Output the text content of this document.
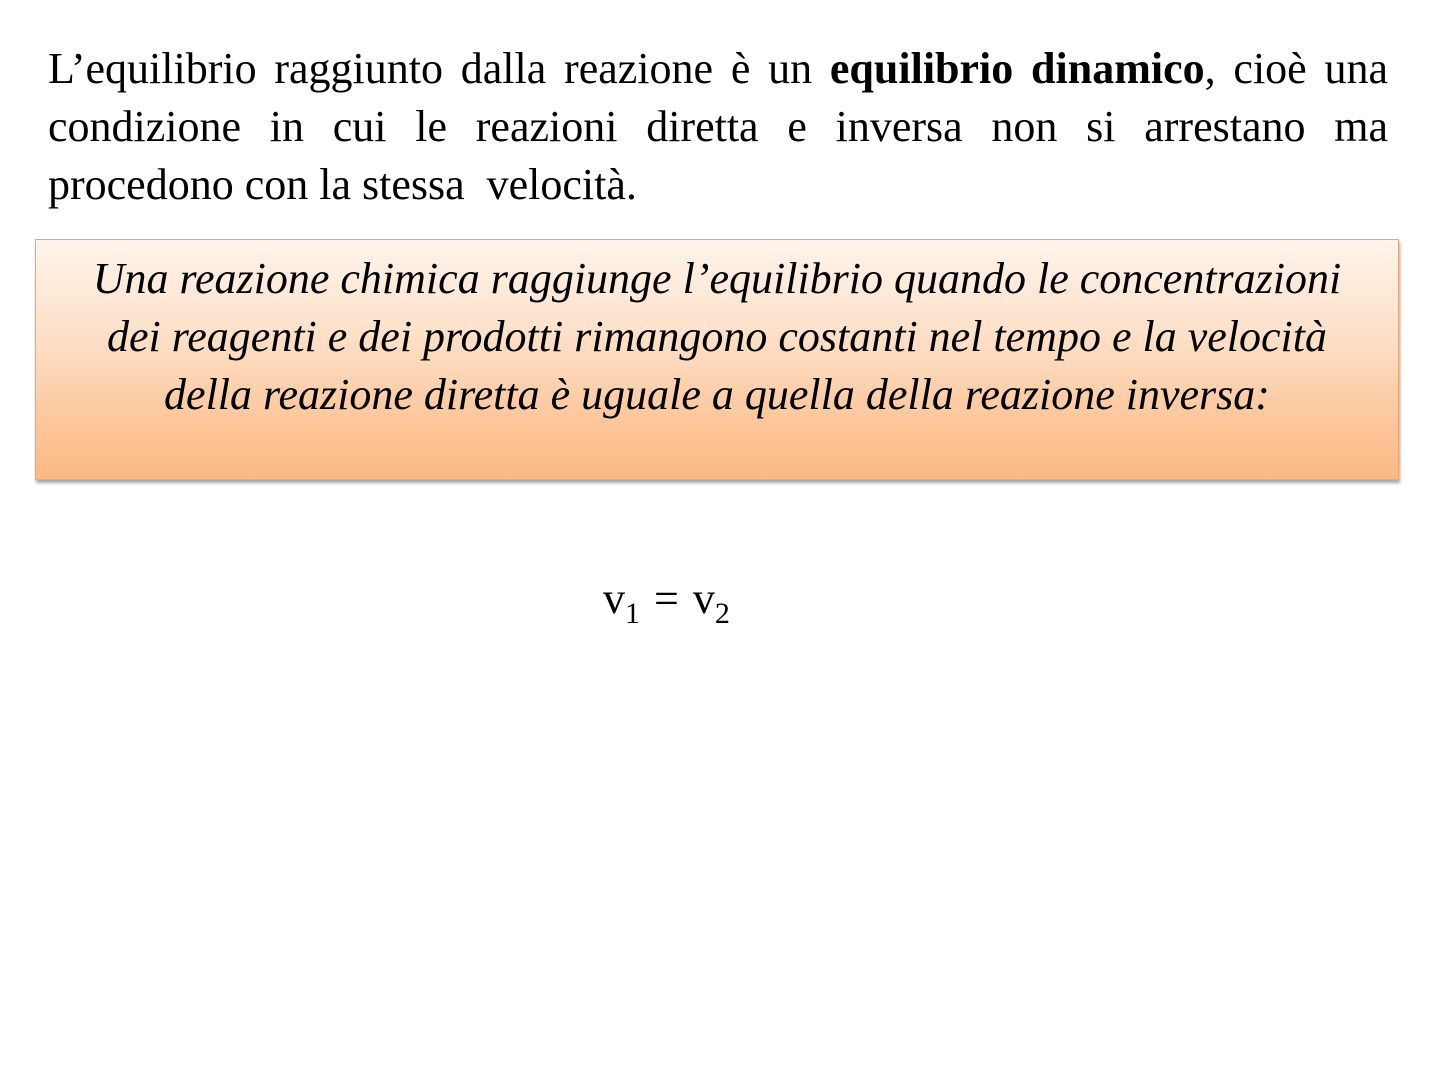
L’equilibrio raggiunto dalla reazione è un equilibrio dinamico, cioè una condizione in cui le reazioni diretta e inversa non si arrestano ma procedono con la stessa  velocità.

Una reazione chimica raggiunge l’equilibrio quando le concentrazioni dei reagenti e dei prodotti rimangono costanti nel tempo e la velocità della reazione diretta è uguale a quella della reazione inversa:

$v_1 = v_2$
